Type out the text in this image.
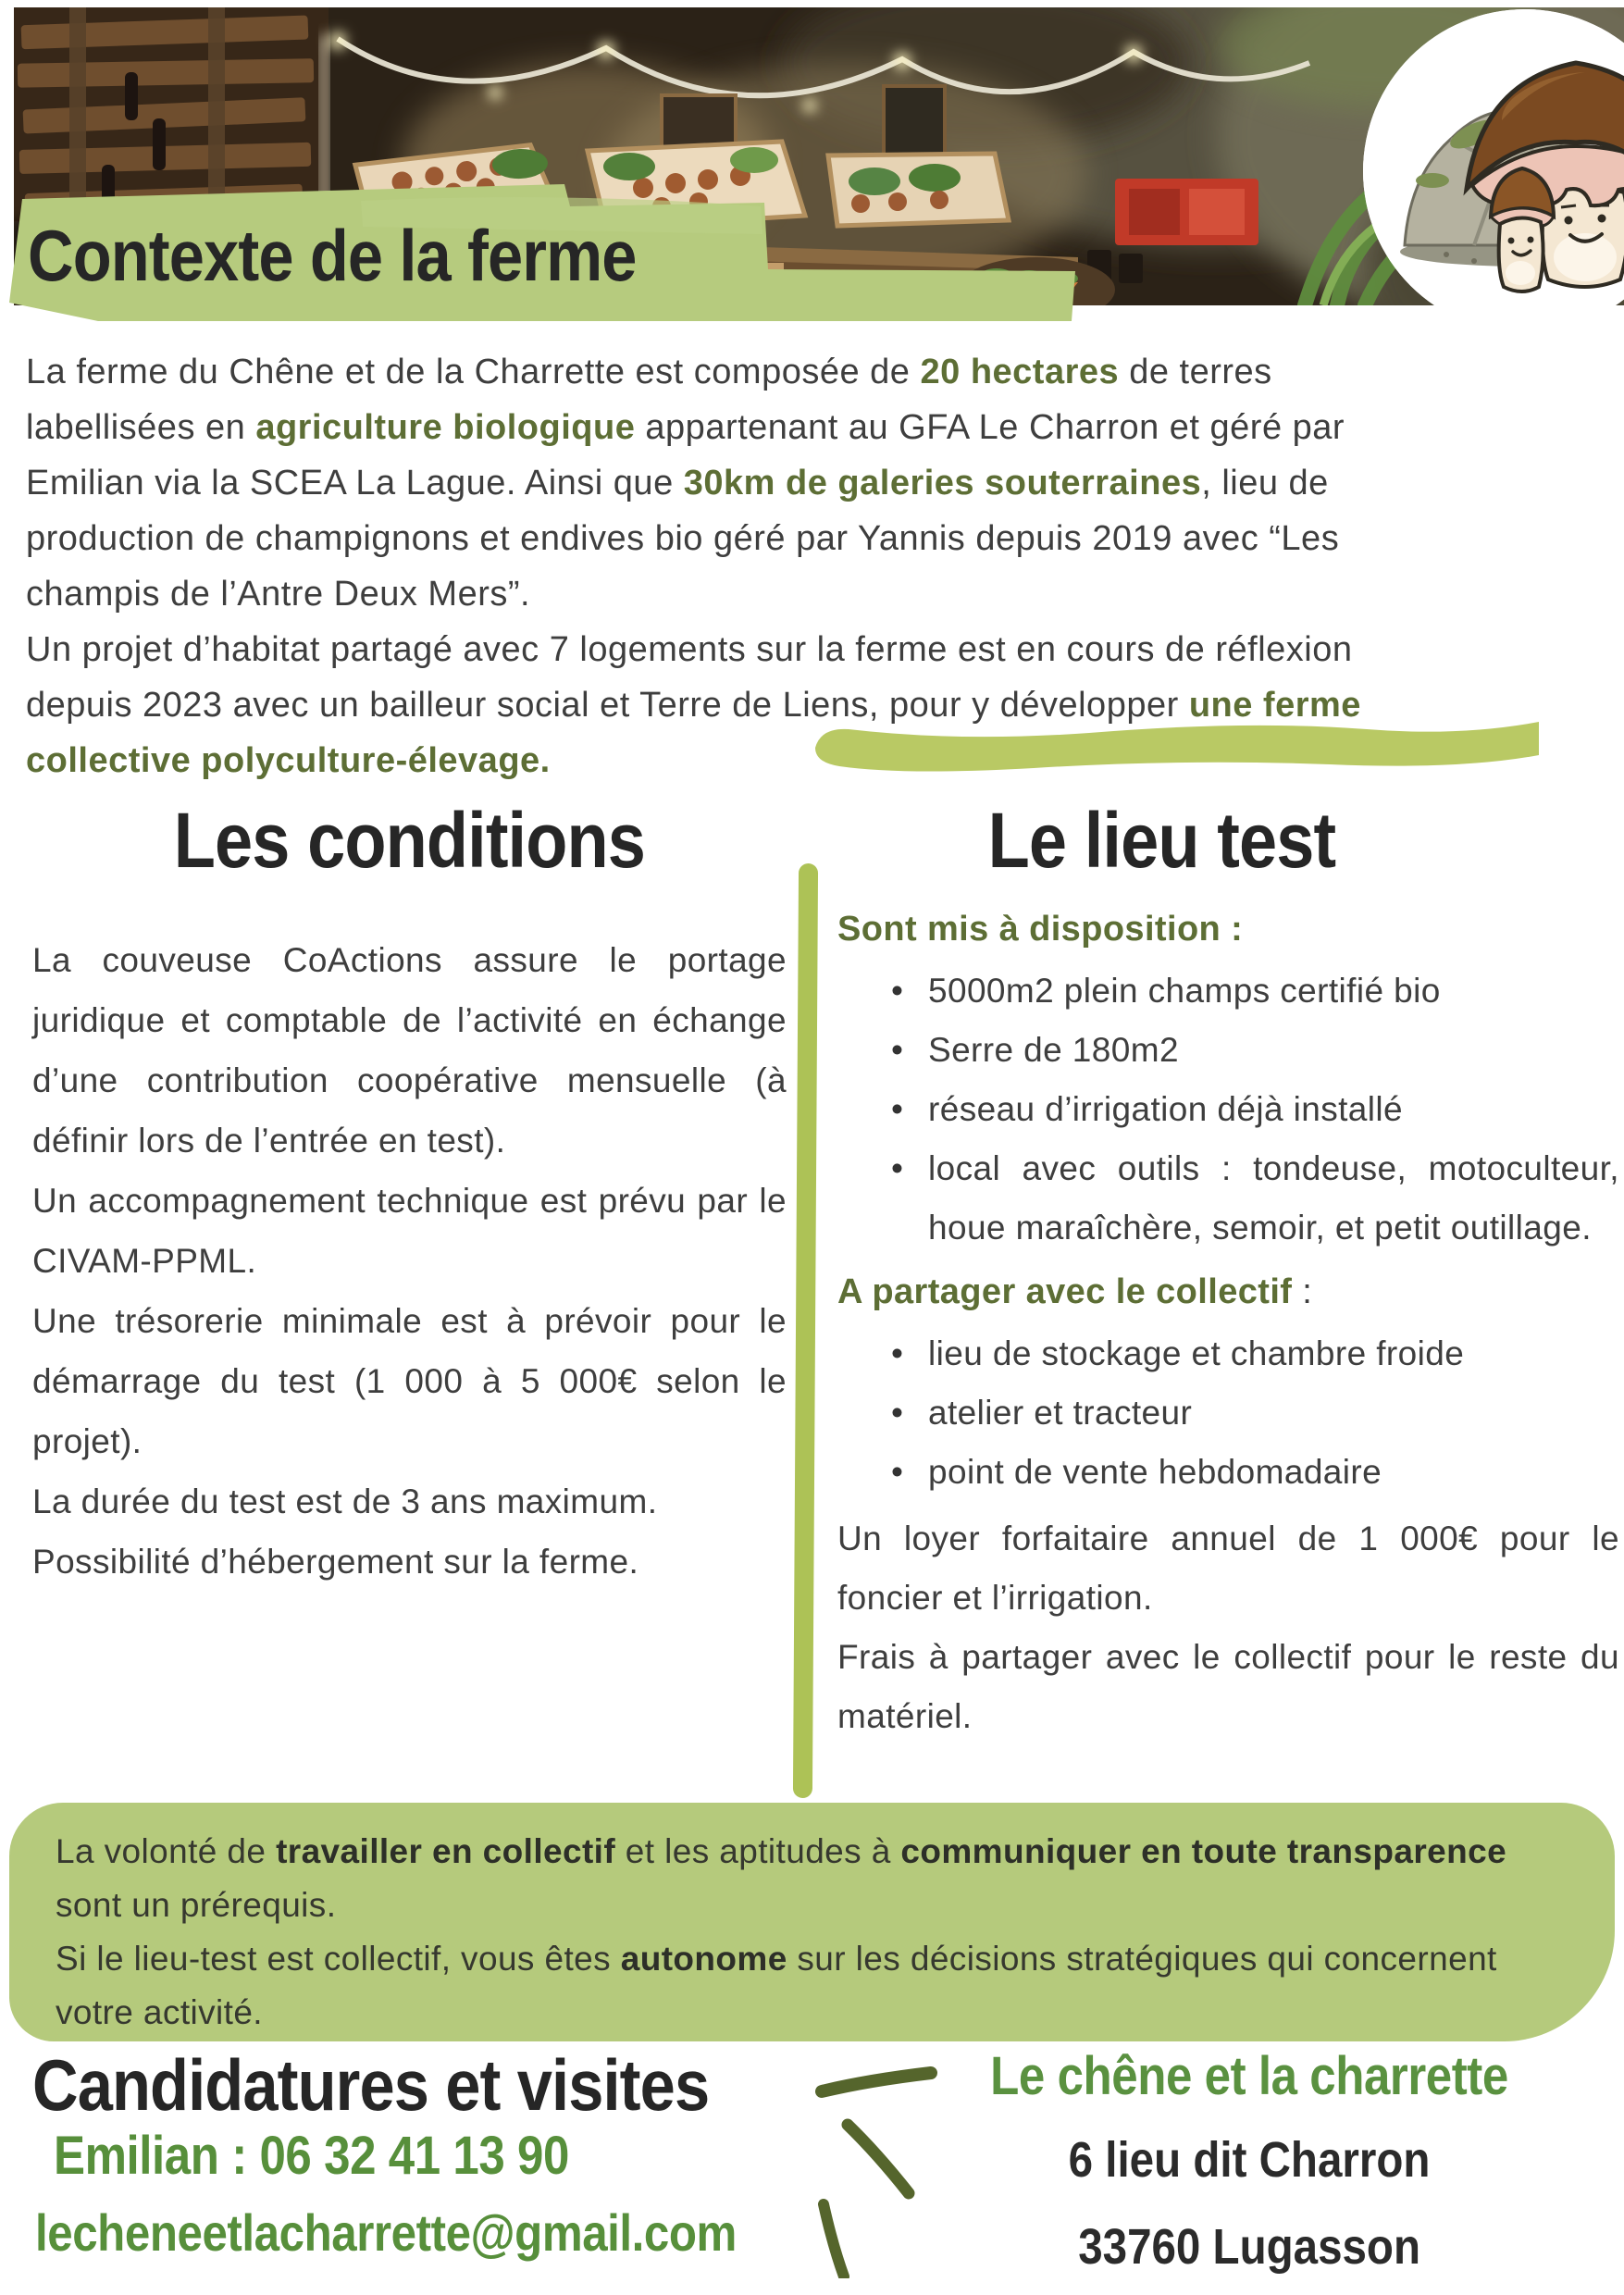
Contexte de la ferme

La ferme du Chêne et de la Charrette est composée de 20 hectares de terres labellisées en agriculture biologique appartenant au GFA Le Charron et géré par Emilian via la SCEA La Lague. Ainsi que 30km de galeries souterraines, lieu de production de champignons et endives bio géré par Yannis depuis 2019 avec “Les champis de l’Antre Deux Mers”.

Un projet d’habitat partagé avec 7 logements sur la ferme est en cours de réflexion depuis 2023 avec un bailleur social et Terre de Liens, pour y développer une ferme collective polyculture-élevage.

Les conditions	Le lieu test

La couveuse CoActions assure le portage juridique et comptable de l’activité en échange d’une contribution coopérative mensuelle (à définir lors de l’entrée en test).

Un accompagnement technique est prévu par le CIVAM-PPML.

Une trésorerie minimale est à prévoir pour le démarrage du test (1 000 à 5 000€ selon le projet).

La durée du test est de 3 ans maximum.

Possibilité d’hébergement sur la ferme.

Sont mis à disposition :

• 5000m2 plein champs certifié bio
• Serre de 180m2
• réseau d’irrigation déjà installé
• local avec outils : tondeuse, motoculteur, houe maraîchère, semoir, et petit outillage.

A partager avec le collectif :

• lieu de stockage et chambre froide
• atelier et tracteur
• point de vente hebdomadaire

Un loyer forfaitaire annuel de 1 000€ pour le foncier et l’irrigation.

Frais à partager avec le collectif pour le reste du matériel.

La volonté de travailler en collectif et les aptitudes à communiquer en toute transparence sont un prérequis.

Si le lieu-test est collectif, vous êtes autonome sur les décisions stratégiques qui concernent votre activité.

Candidatures et visites
Emilian : 06 32 41 13 90
lecheneetlacharrette@gmail.com

Le chêne et la charrette

6 lieu dit Charron

33760 Lugasson
